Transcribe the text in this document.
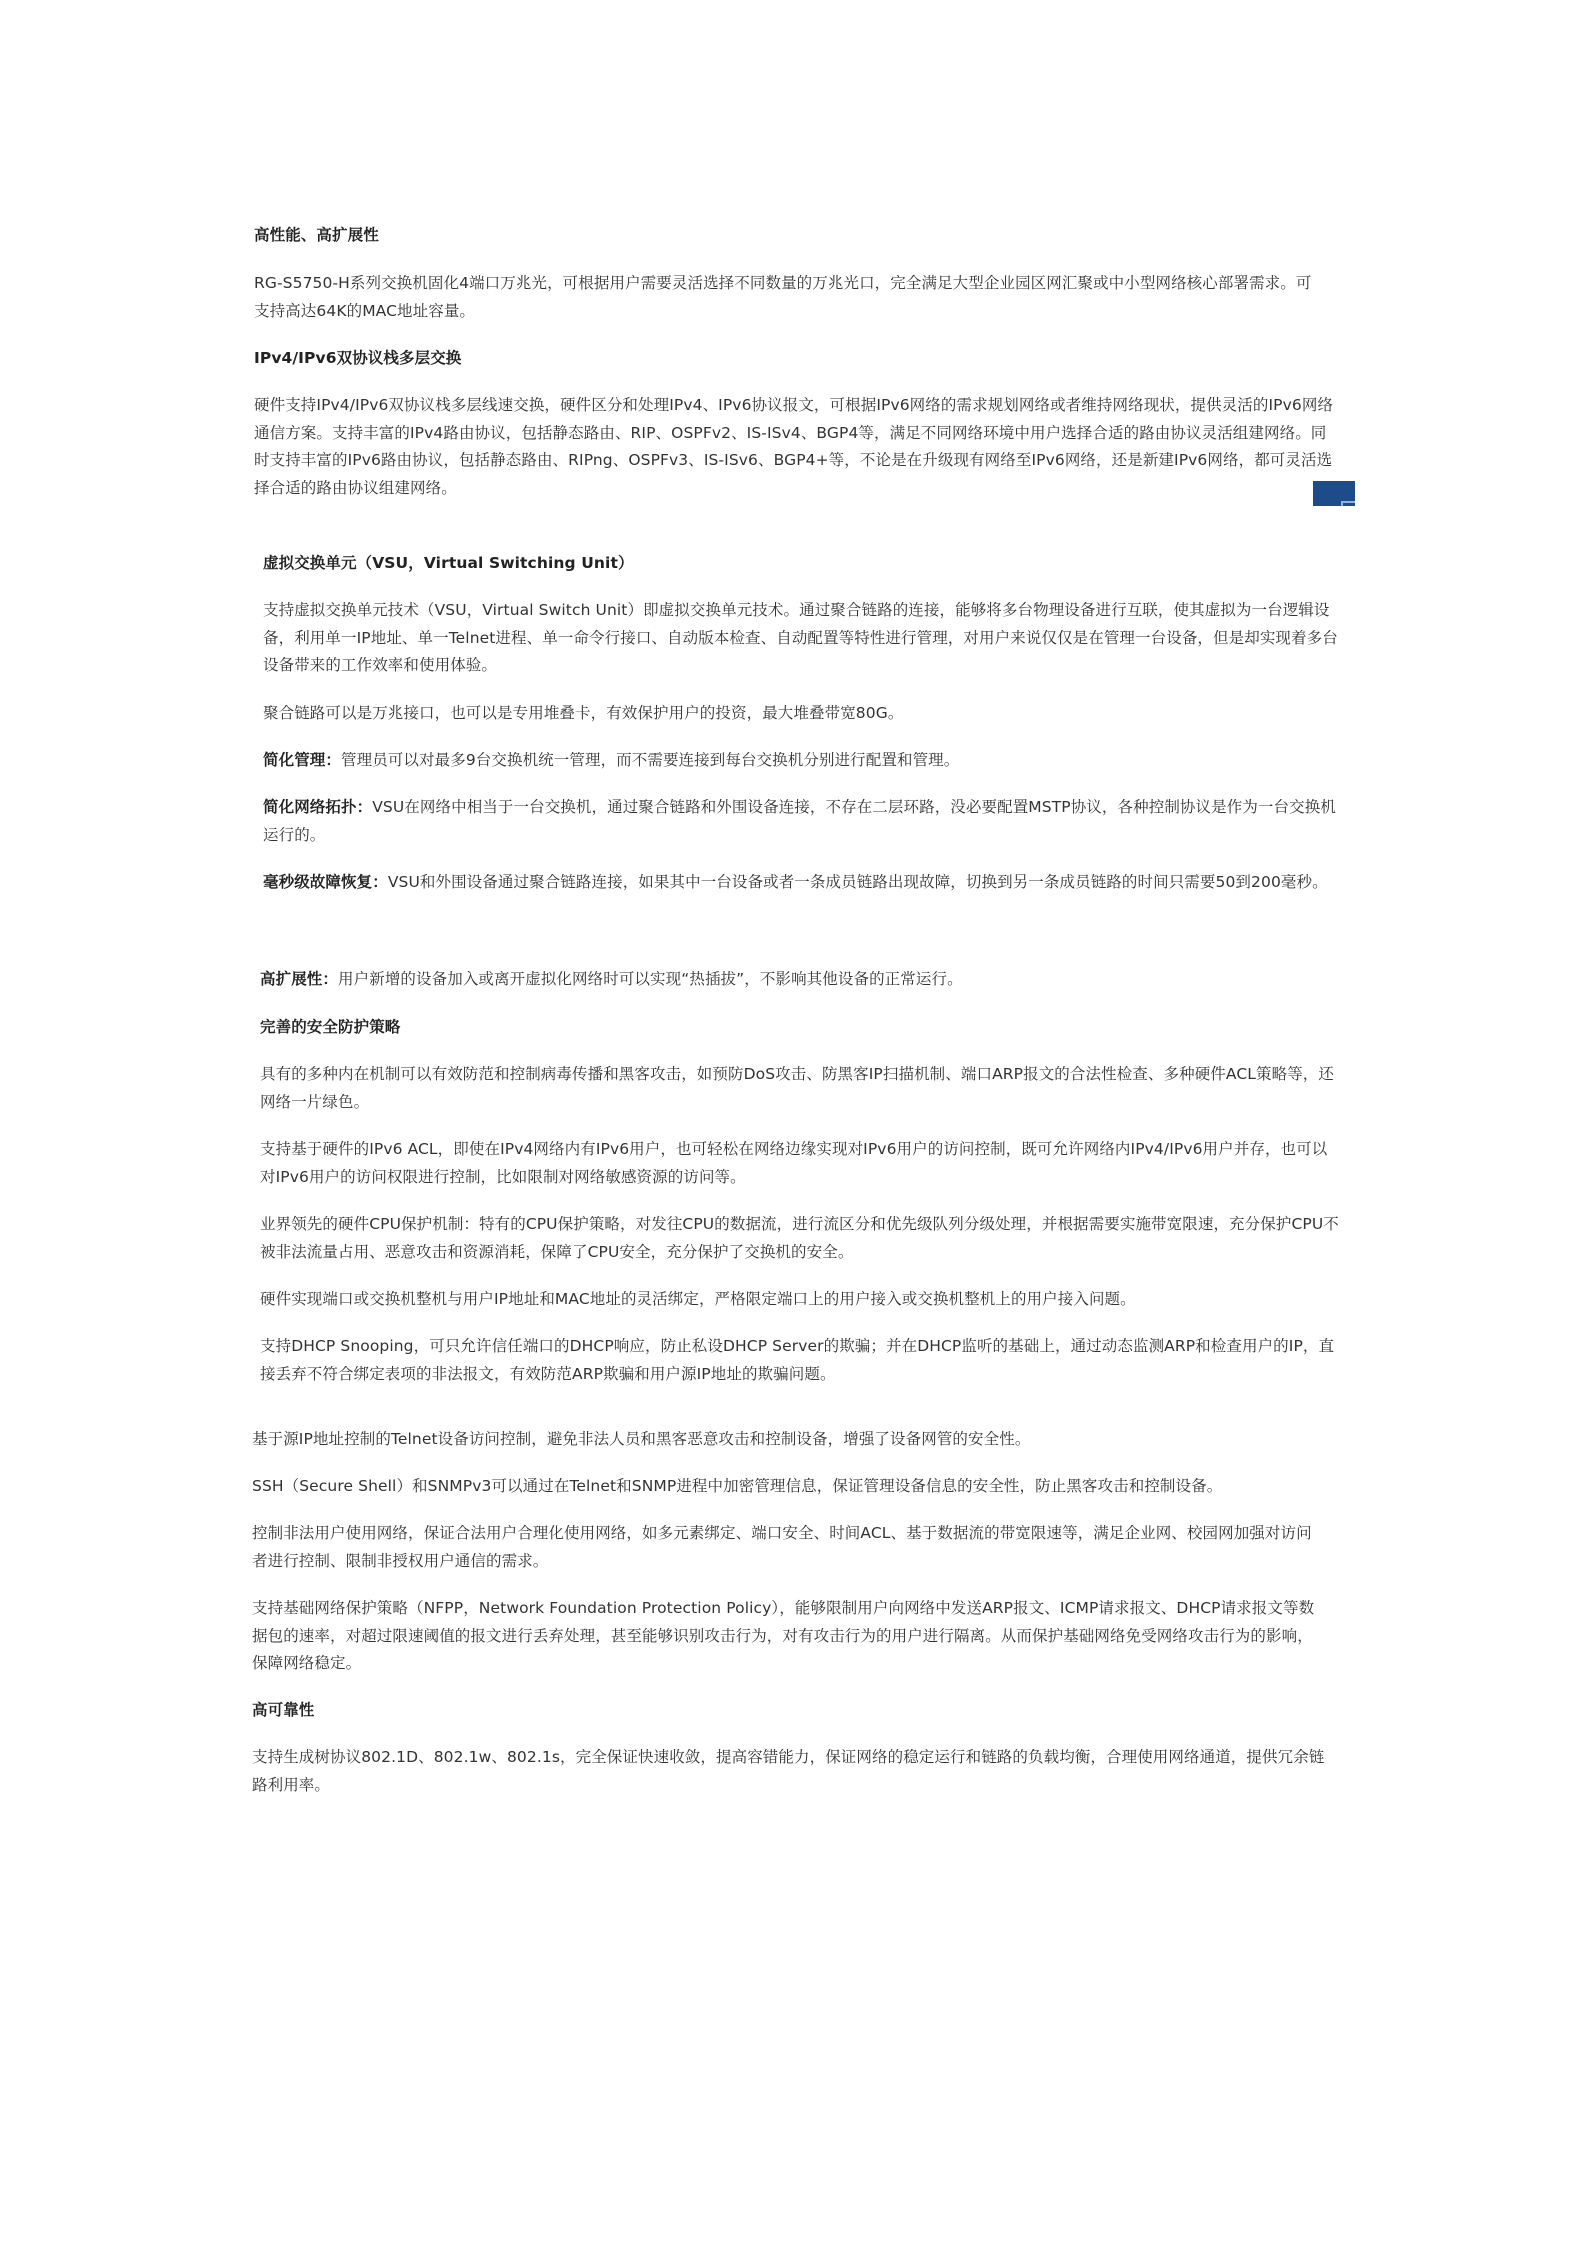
高性能、高扩展性

RG-S5750-H系列交换机固化4端口万兆光，可根据用户需要灵活选择不同数量的万兆光口，完全满足大型企业园区网汇聚或中小型网络核心部署需求。可支持高达64K的MAC地址容量。

IPv4/IPv6双协议栈多层交换

硬件支持IPv4/IPv6双协议栈多层线速交换，硬件区分和处理IPv4、IPv6协议报文，可根据IPv6网络的需求规划网络或者维持网络现状，提供灵活的IPv6网络通信方案。支持丰富的IPv4路由协议，包括静态路由、RIP、OSPFv2、IS-ISv4、BGP4等，满足不同网络环境中用户选择合适的路由协议灵活组建网络。同时支持丰富的IPv6路由协议，包括静态路由、RIPng、OSPFv3、IS-ISv6、BGP4+等，不论是在升级现有网络至IPv6网络，还是新建IPv6网络，都可灵活选择合适的路由协议组建网络。

虚拟交换单元（VSU，Virtual Switching Unit）

支持虚拟交换单元技术（VSU，Virtual Switch Unit）即虚拟交换单元技术。通过聚合链路的连接，能够将多台物理设备进行互联，使其虚拟为一台逻辑设备，利用单一IP地址、单一Telnet进程、单一命令行接口、自动版本检查、自动配置等特性进行管理，对用户来说仅仅是在管理一台设备，但是却实现着多台设备带来的工作效率和使用体验。

聚合链路可以是万兆接口，也可以是专用堆叠卡，有效保护用户的投资，最大堆叠带宽80G。

简化管理：管理员可以对最多9台交换机统一管理，而不需要连接到每台交换机分别进行配置和管理。

简化网络拓扑：VSU在网络中相当于一台交换机，通过聚合链路和外围设备连接，不存在二层环路，没必要配置MSTP协议，各种控制协议是作为一台交换机运行的。

毫秒级故障恢复：VSU和外围设备通过聚合链路连接，如果其中一台设备或者一条成员链路出现故障，切换到另一条成员链路的时间只需要50到200毫秒。

高扩展性：用户新增的设备加入或离开虚拟化网络时可以实现“热插拔”，不影响其他设备的正常运行。

完善的安全防护策略

具有的多种内在机制可以有效防范和控制病毒传播和黑客攻击，如预防DoS攻击、防黑客IP扫描机制、端口ARP报文的合法性检查、多种硬件ACL策略等，还网络一片绿色。

支持基于硬件的IPv6 ACL，即使在IPv4网络内有IPv6用户，也可轻松在网络边缘实现对IPv6用户的访问控制，既可允许网络内IPv4/IPv6用户并存，也可以对IPv6用户的访问权限进行控制，比如限制对网络敏感资源的访问等。

业界领先的硬件CPU保护机制：特有的CPU保护策略，对发往CPU的数据流，进行流区分和优先级队列分级处理，并根据需要实施带宽限速，充分保护CPU不被非法流量占用、恶意攻击和资源消耗，保障了CPU安全，充分保护了交换机的安全。

硬件实现端口或交换机整机与用户IP地址和MAC地址的灵活绑定，严格限定端口上的用户接入或交换机整机上的用户接入问题。

支持DHCP Snooping，可只允许信任端口的DHCP响应，防止私设DHCP Server的欺骗；并在DHCP监听的基础上，通过动态监测ARP和检查用户的IP，直接丢弃不符合绑定表项的非法报文，有效防范ARP欺骗和用户源IP地址的欺骗问题。

基于源IP地址控制的Telnet设备访问控制，避免非法人员和黑客恶意攻击和控制设备，增强了设备网管的安全性。

SSH（Secure Shell）和SNMPv3可以通过在Telnet和SNMP进程中加密管理信息，保证管理设备信息的安全性，防止黑客攻击和控制设备。

控制非法用户使用网络，保证合法用户合理化使用网络，如多元素绑定、端口安全、时间ACL、基于数据流的带宽限速等，满足企业网、校园网加强对访问者进行控制、限制非授权用户通信的需求。

支持基础网络保护策略（NFPP，Network Foundation Protection Policy），能够限制用户向网络中发送ARP报文、ICMP请求报文、DHCP请求报文等数据包的速率，对超过限速阈值的报文进行丢弃处理，甚至能够识别攻击行为，对有攻击行为的用户进行隔离。从而保护基础网络免受网络攻击行为的影响，保障网络稳定。

高可靠性

支持生成树协议802.1D、802.1w、802.1s，完全保证快速收敛，提高容错能力，保证网络的稳定运行和链路的负载均衡，合理使用网络通道，提供冗余链路利用率。
